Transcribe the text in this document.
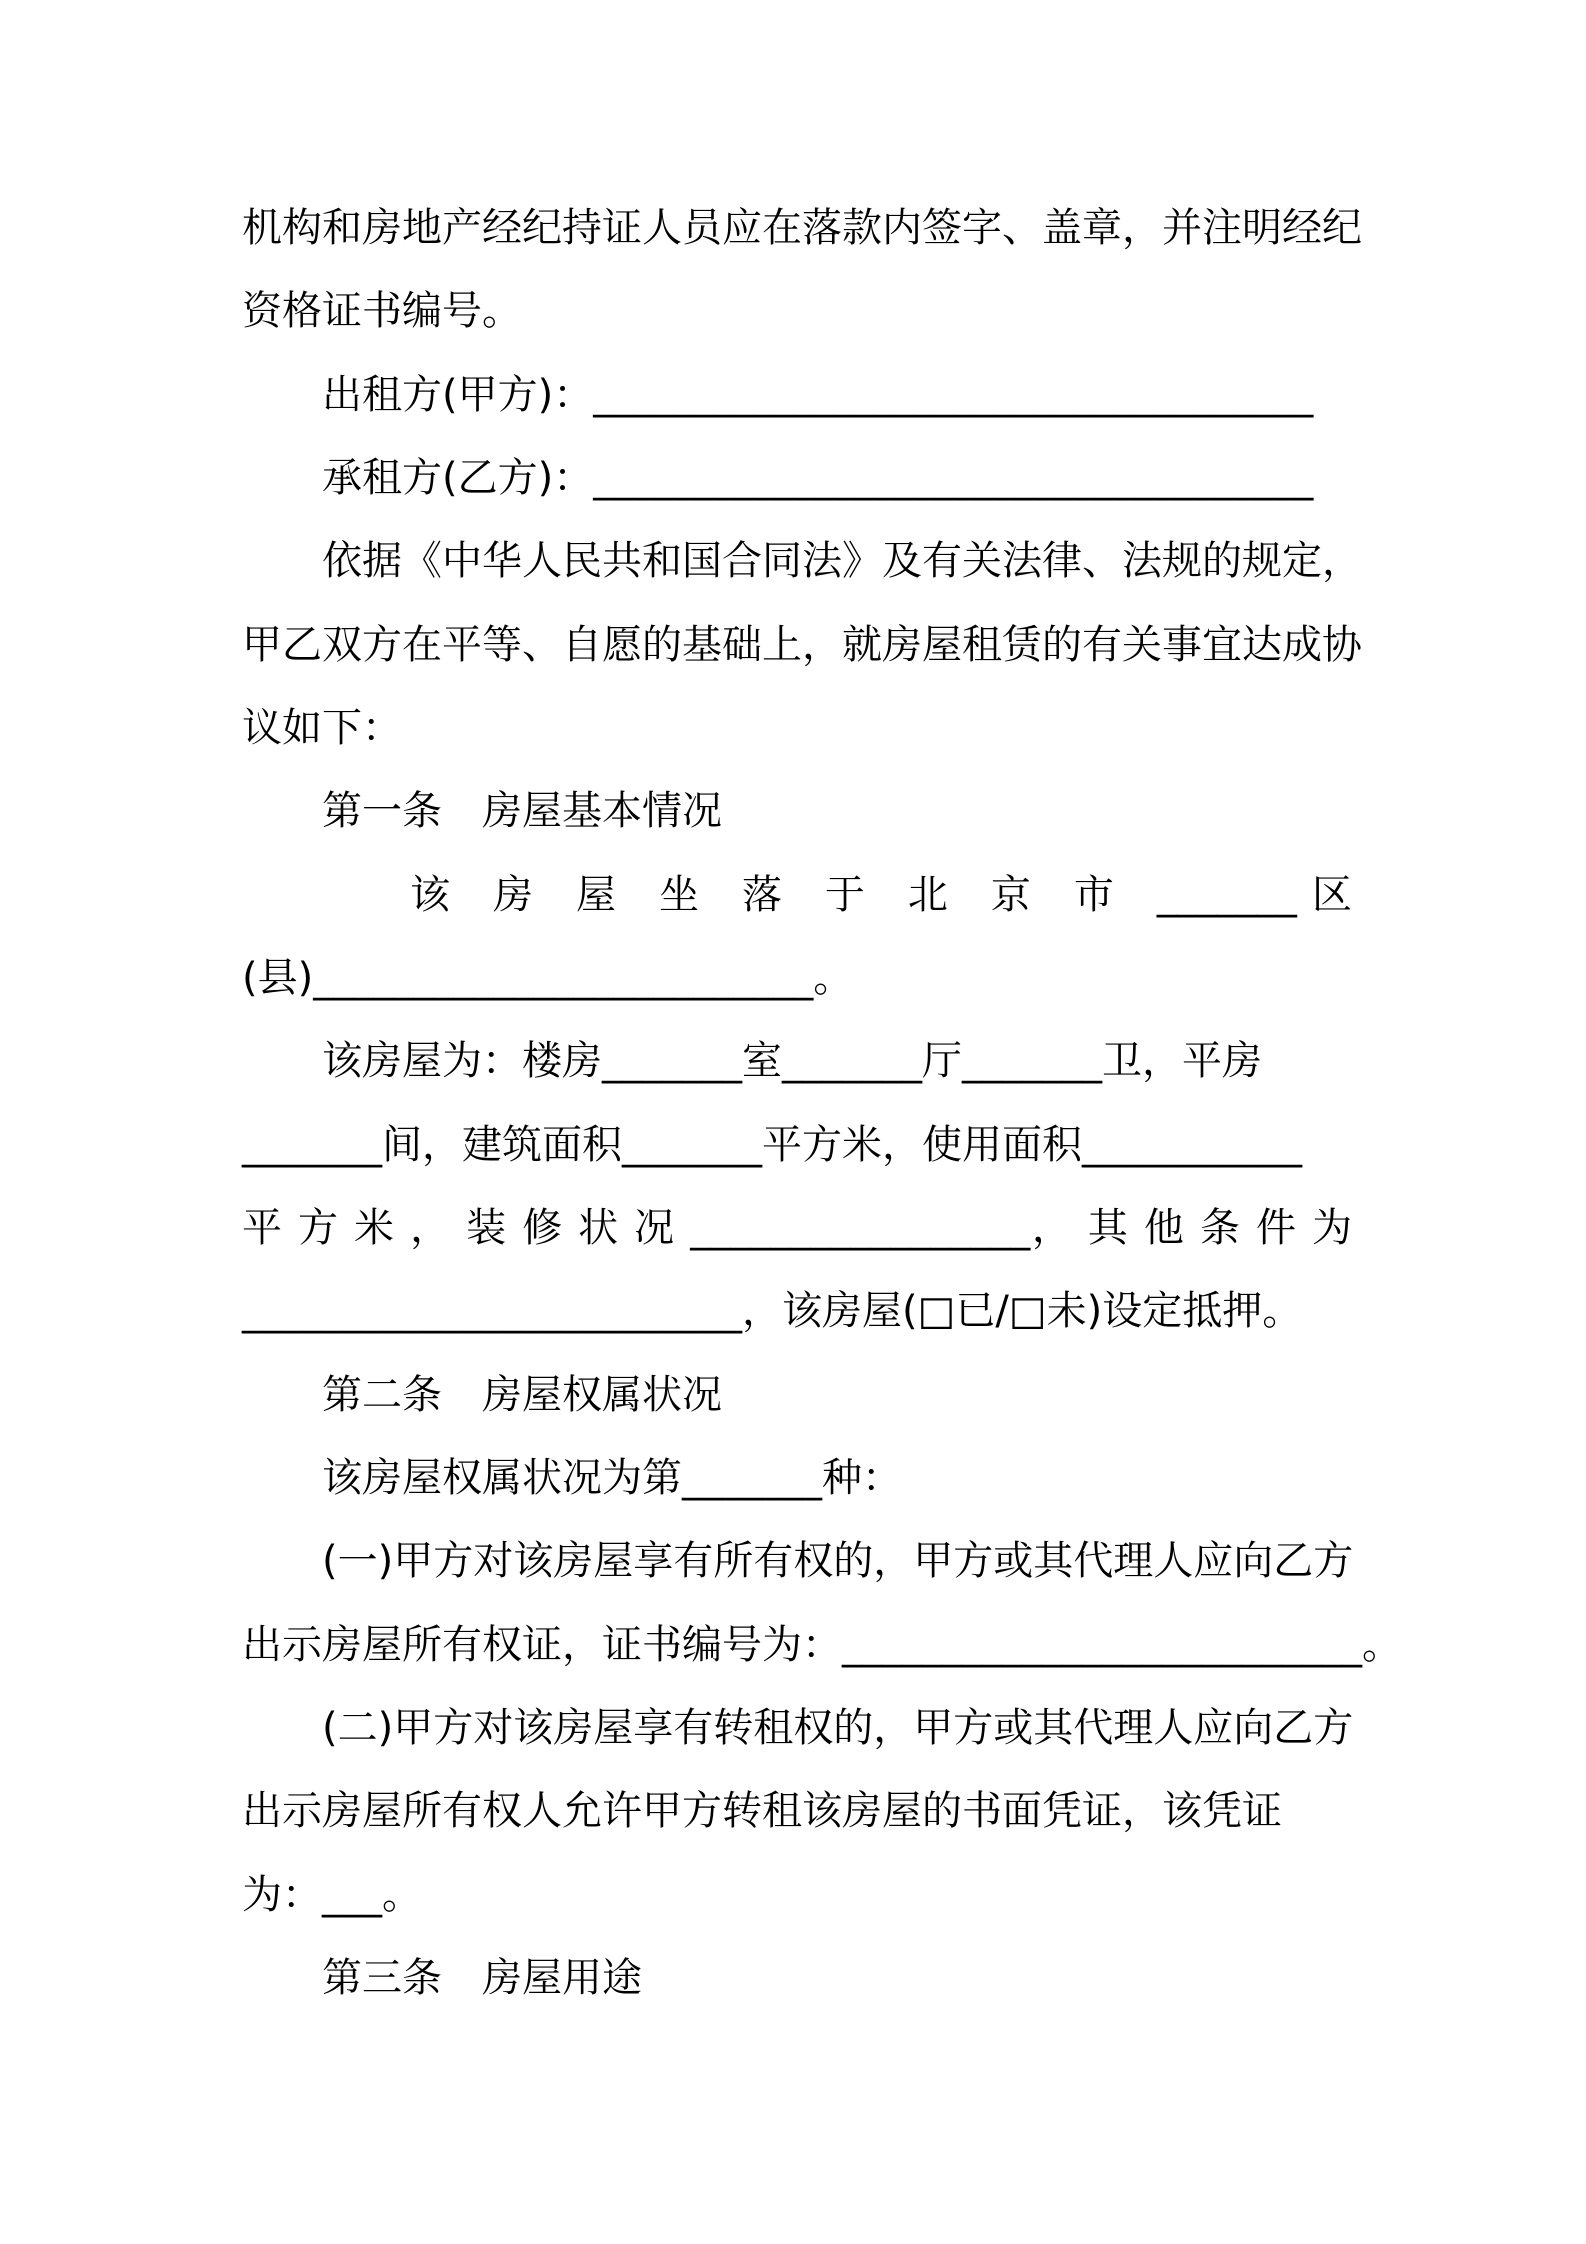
机构和房地产经纪持证人员应在落款内签字、盖章，并注明经纪
资格证书编号。
出租方(甲方)：____________________________________
承租方(乙方)：____________________________________
依据《中华人民共和国合同法》及有关法律、法规的规定，
甲乙双方在平等、自愿的基础上，就房屋租赁的有关事宜达成协
议如下：
第一条　房屋基本情况
该 房 屋 坐 落 于 北 京 市 _______区
(县)_________________________。
该房屋为：楼房_______室_______厅_______卫，平房
_______间，建筑面积_______平方米，使用面积___________
平 方 米 ， 装 修 状 况 _________________， 其 他 条 件 为
_________________________，该房屋(□已/□未)设定抵押。
第二条　房屋权属状况
该房屋权属状况为第_______种：
(一)甲方对该房屋享有所有权的，甲方或其代理人应向乙方
出示房屋所有权证，证书编号为：__________________________。
(二)甲方对该房屋享有转租权的，甲方或其代理人应向乙方
出示房屋所有权人允许甲方转租该房屋的书面凭证，该凭证
为：___。
第三条　房屋用途
